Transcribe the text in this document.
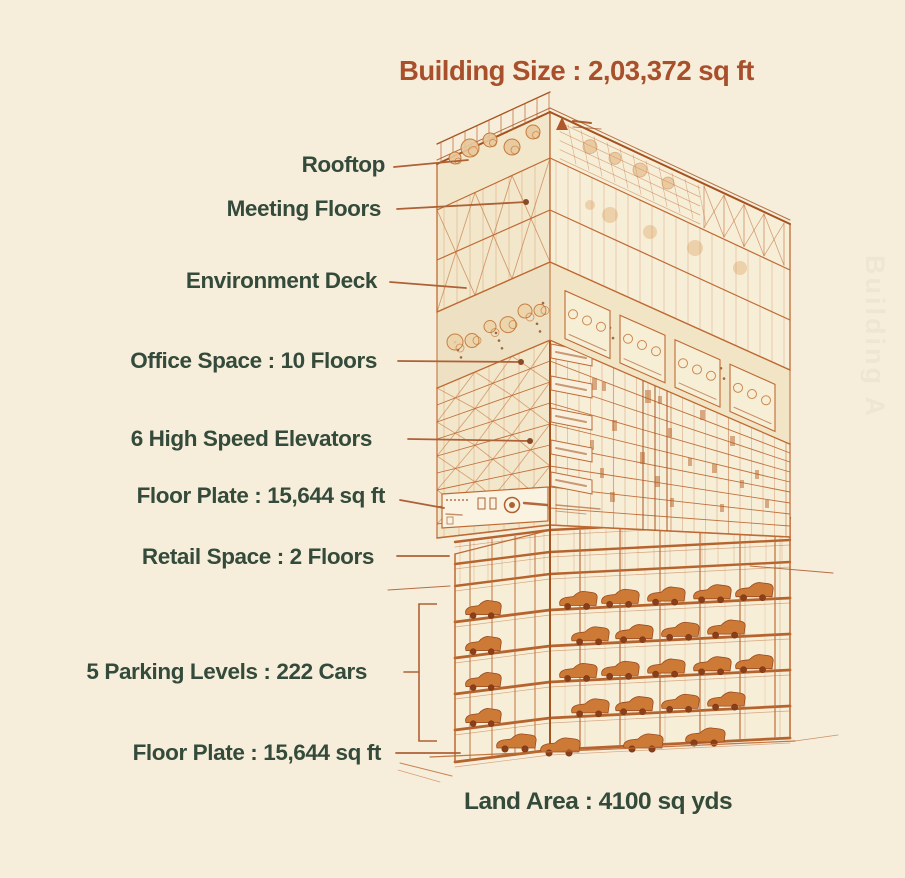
Building A
Building Size : 2,03,372 sq ft
Rooftop
Meeting Floors
Environment Deck
Office Space : 10 Floors
6 High Speed Elevators
Floor Plate : 15,644 sq ft
Retail Space : 2 Floors
5 Parking Levels : 222 Cars
Floor Plate : 15,644 sq ft
Land Area : 4100 sq yds
